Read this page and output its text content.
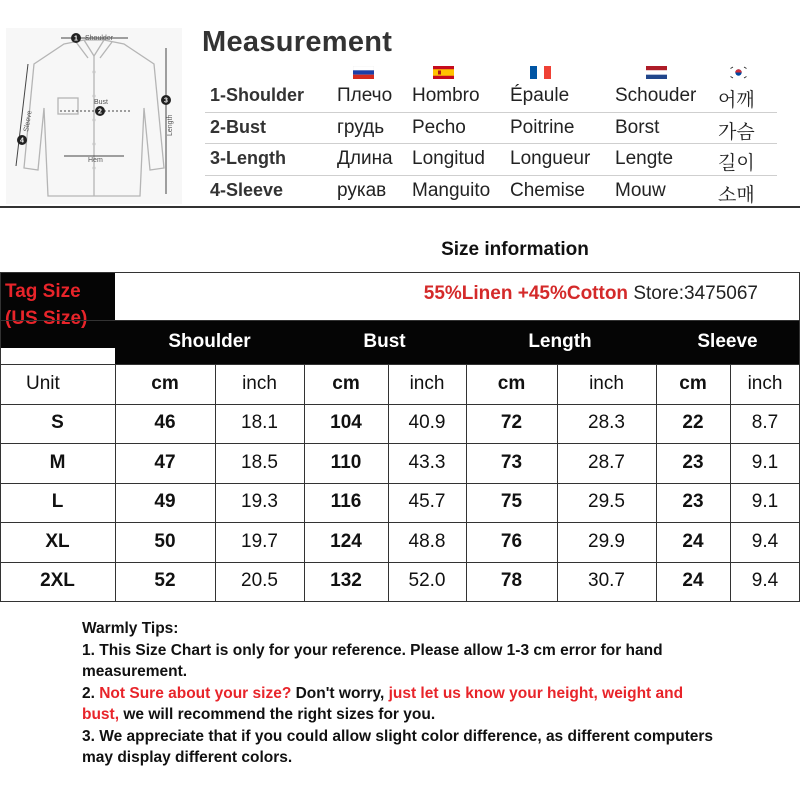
1
2
3
4
Shoulder
Bust
Hem
Length
Sleeve
Measurement
1-Shoulder Плечо Hombro Épaule Schouder 어깨
2-Bust	грудь Pecho Poitrine Borst	가슴
3-Length	Длина Longitud Longueur Lengte 길이
4-Sleeve	рукав Manguito Chemise Mouw	소매
Size information
Tag Size
(US Size)
55%Linen +45%Cotton Store:3475067
Shoulder	Bust	Length	Sleeve
Unit	cm	inch	cm	inch	cm	inch	cm	inch
S	46	18.1	104	40.9	72	28.3	22	8.7
M	47	18.5	110	43.3	73	28.7	23	9.1
L	49	19.3	116	45.7	75	29.5	23	9.1
XL	50	19.7	124	48.8	76	29.9	24	9.4
2XL	52	20.5	132	52.0	78	30.7	24	9.4

Warmly Tips:

1. This Size Chart is only for your reference. Please allow 1-3 cm error for hand measurement.

2. Not Sure about your size? Don't worry, just let us know your height, weight and bust, we will recommend the right sizes for you.

3. We appreciate that if you could allow slight color difference, as different computers may display different colors.
